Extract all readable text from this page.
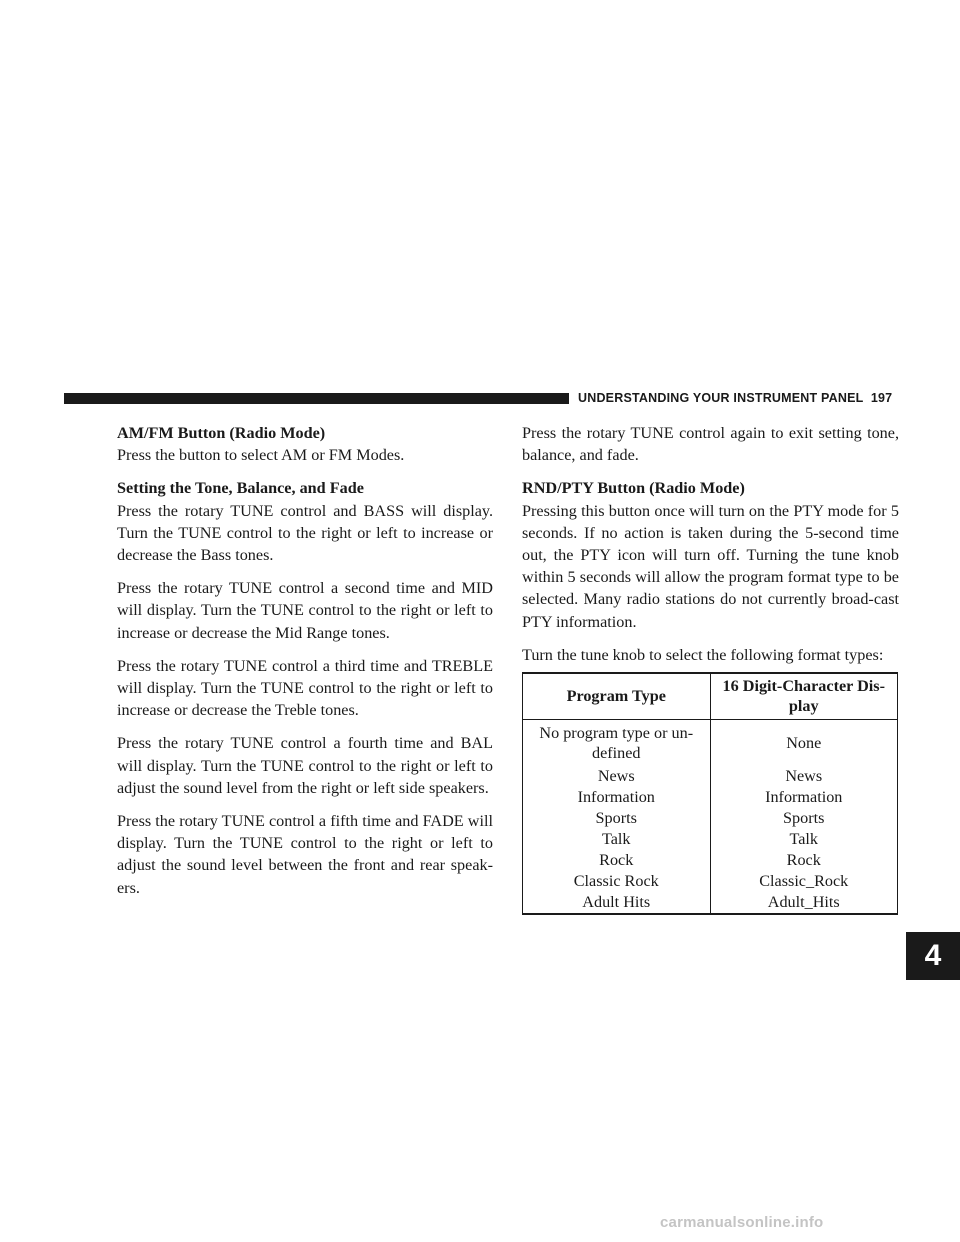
UNDERSTANDING YOUR INSTRUMENT PANEL 197
4
AM/FM Button (Radio Mode)

Press the button to select AM or FM Modes.

Setting the Tone, Balance, and Fade

Press the rotary TUNE control and BASS will display. Turn the TUNE control to the right or left to increase or decrease the Bass tones.

Press the rotary TUNE control a second time and MID will display. Turn the TUNE control to the right or left to increase or decrease the Mid Range tones.

Press the rotary TUNE control a third time and TREBLE will display. Turn the TUNE control to the right or left to increase or decrease the Treble tones.

Press the rotary TUNE control a fourth time and BAL will display. Turn the TUNE control to the right or left to adjust the sound level from the right or left side speakers.

Press the rotary TUNE control a fifth time and FADE will display. Turn the TUNE control to the right or left to adjust the sound level between the front and rear speak-ers.

Press the rotary TUNE control again to exit setting tone, balance, and fade.

RND/PTY Button (Radio Mode)

Pressing this button once will turn on the PTY mode for 5 seconds. If no action is taken during the 5-second time out, the PTY icon will turn off. Turning the tune knob within 5 seconds will allow the program format type to be selected. Many radio stations do not currently broad-cast PTY information.

Turn the tune knob to select the following format types:

Program Type	16 Digit-Character Dis-play
No program type or un-defined	None
News	News
Information	Information
Sports	Sports
Talk	Talk
Rock	Rock
Classic Rock	Classic_Rock
Adult Hits	Adult_Hits
carmanualsonline.info
